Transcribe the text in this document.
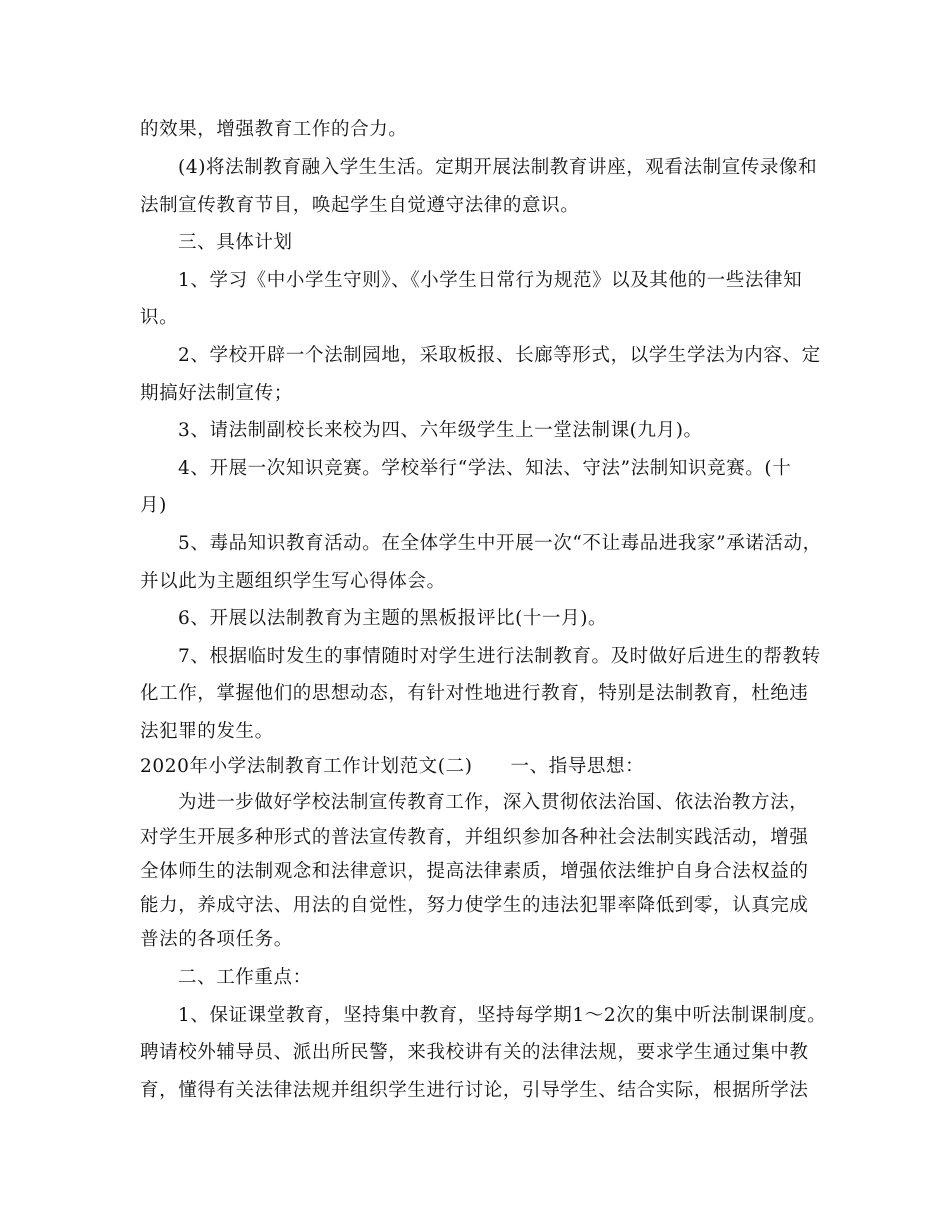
的效果，增强教育工作的合力。

(4)将法制教育融入学生生活。定期开展法制教育讲座，观看法制宣传录像和

法制宣传教育节目，唤起学生自觉遵守法律的意识。

三、具体计划

1、学习《中小学生守则》、《小学生日常行为规范》以及其他的一些法律知

识。

2、学校开辟一个法制园地，采取板报、长廊等形式，以学生学法为内容、定

期搞好法制宣传；

3、请法制副校长来校为四、六年级学生上一堂法制课(九月)。

4、开展一次知识竞赛。学校举行“学法、知法、守法”法制知识竞赛。(十

月)

5、毒品知识教育活动。在全体学生中开展一次“不让毒品进我家”承诺活动，

并以此为主题组织学生写心得体会。

6、开展以法制教育为主题的黑板报评比(十一月)。

7、根据临时发生的事情随时对学生进行法制教育。及时做好后进生的帮教转

化工作，掌握他们的思想动态，有针对性地进行教育，特别是法制教育，杜绝违

法犯罪的发生。

2020年小学法制教育工作计划范文(二) 一、指导思想：

为进一步做好学校法制宣传教育工作，深入贯彻依法治国、依法治教方法，

对学生开展多种形式的普法宣传教育，并组织参加各种社会法制实践活动，增强

全体师生的法制观念和法律意识，提高法律素质，增强依法维护自身合法权益的

能力，养成守法、用法的自觉性，努力使学生的违法犯罪率降低到零，认真完成

普法的各项任务。

二、工作重点：

1、保证课堂教育，坚持集中教育，坚持每学期1～2次的集中听法制课制度。

聘请校外辅导员、派出所民警，来我校讲有关的法律法规，要求学生通过集中教

育，懂得有关法律法规并组织学生进行讨论，引导学生、结合实际，根据所学法
